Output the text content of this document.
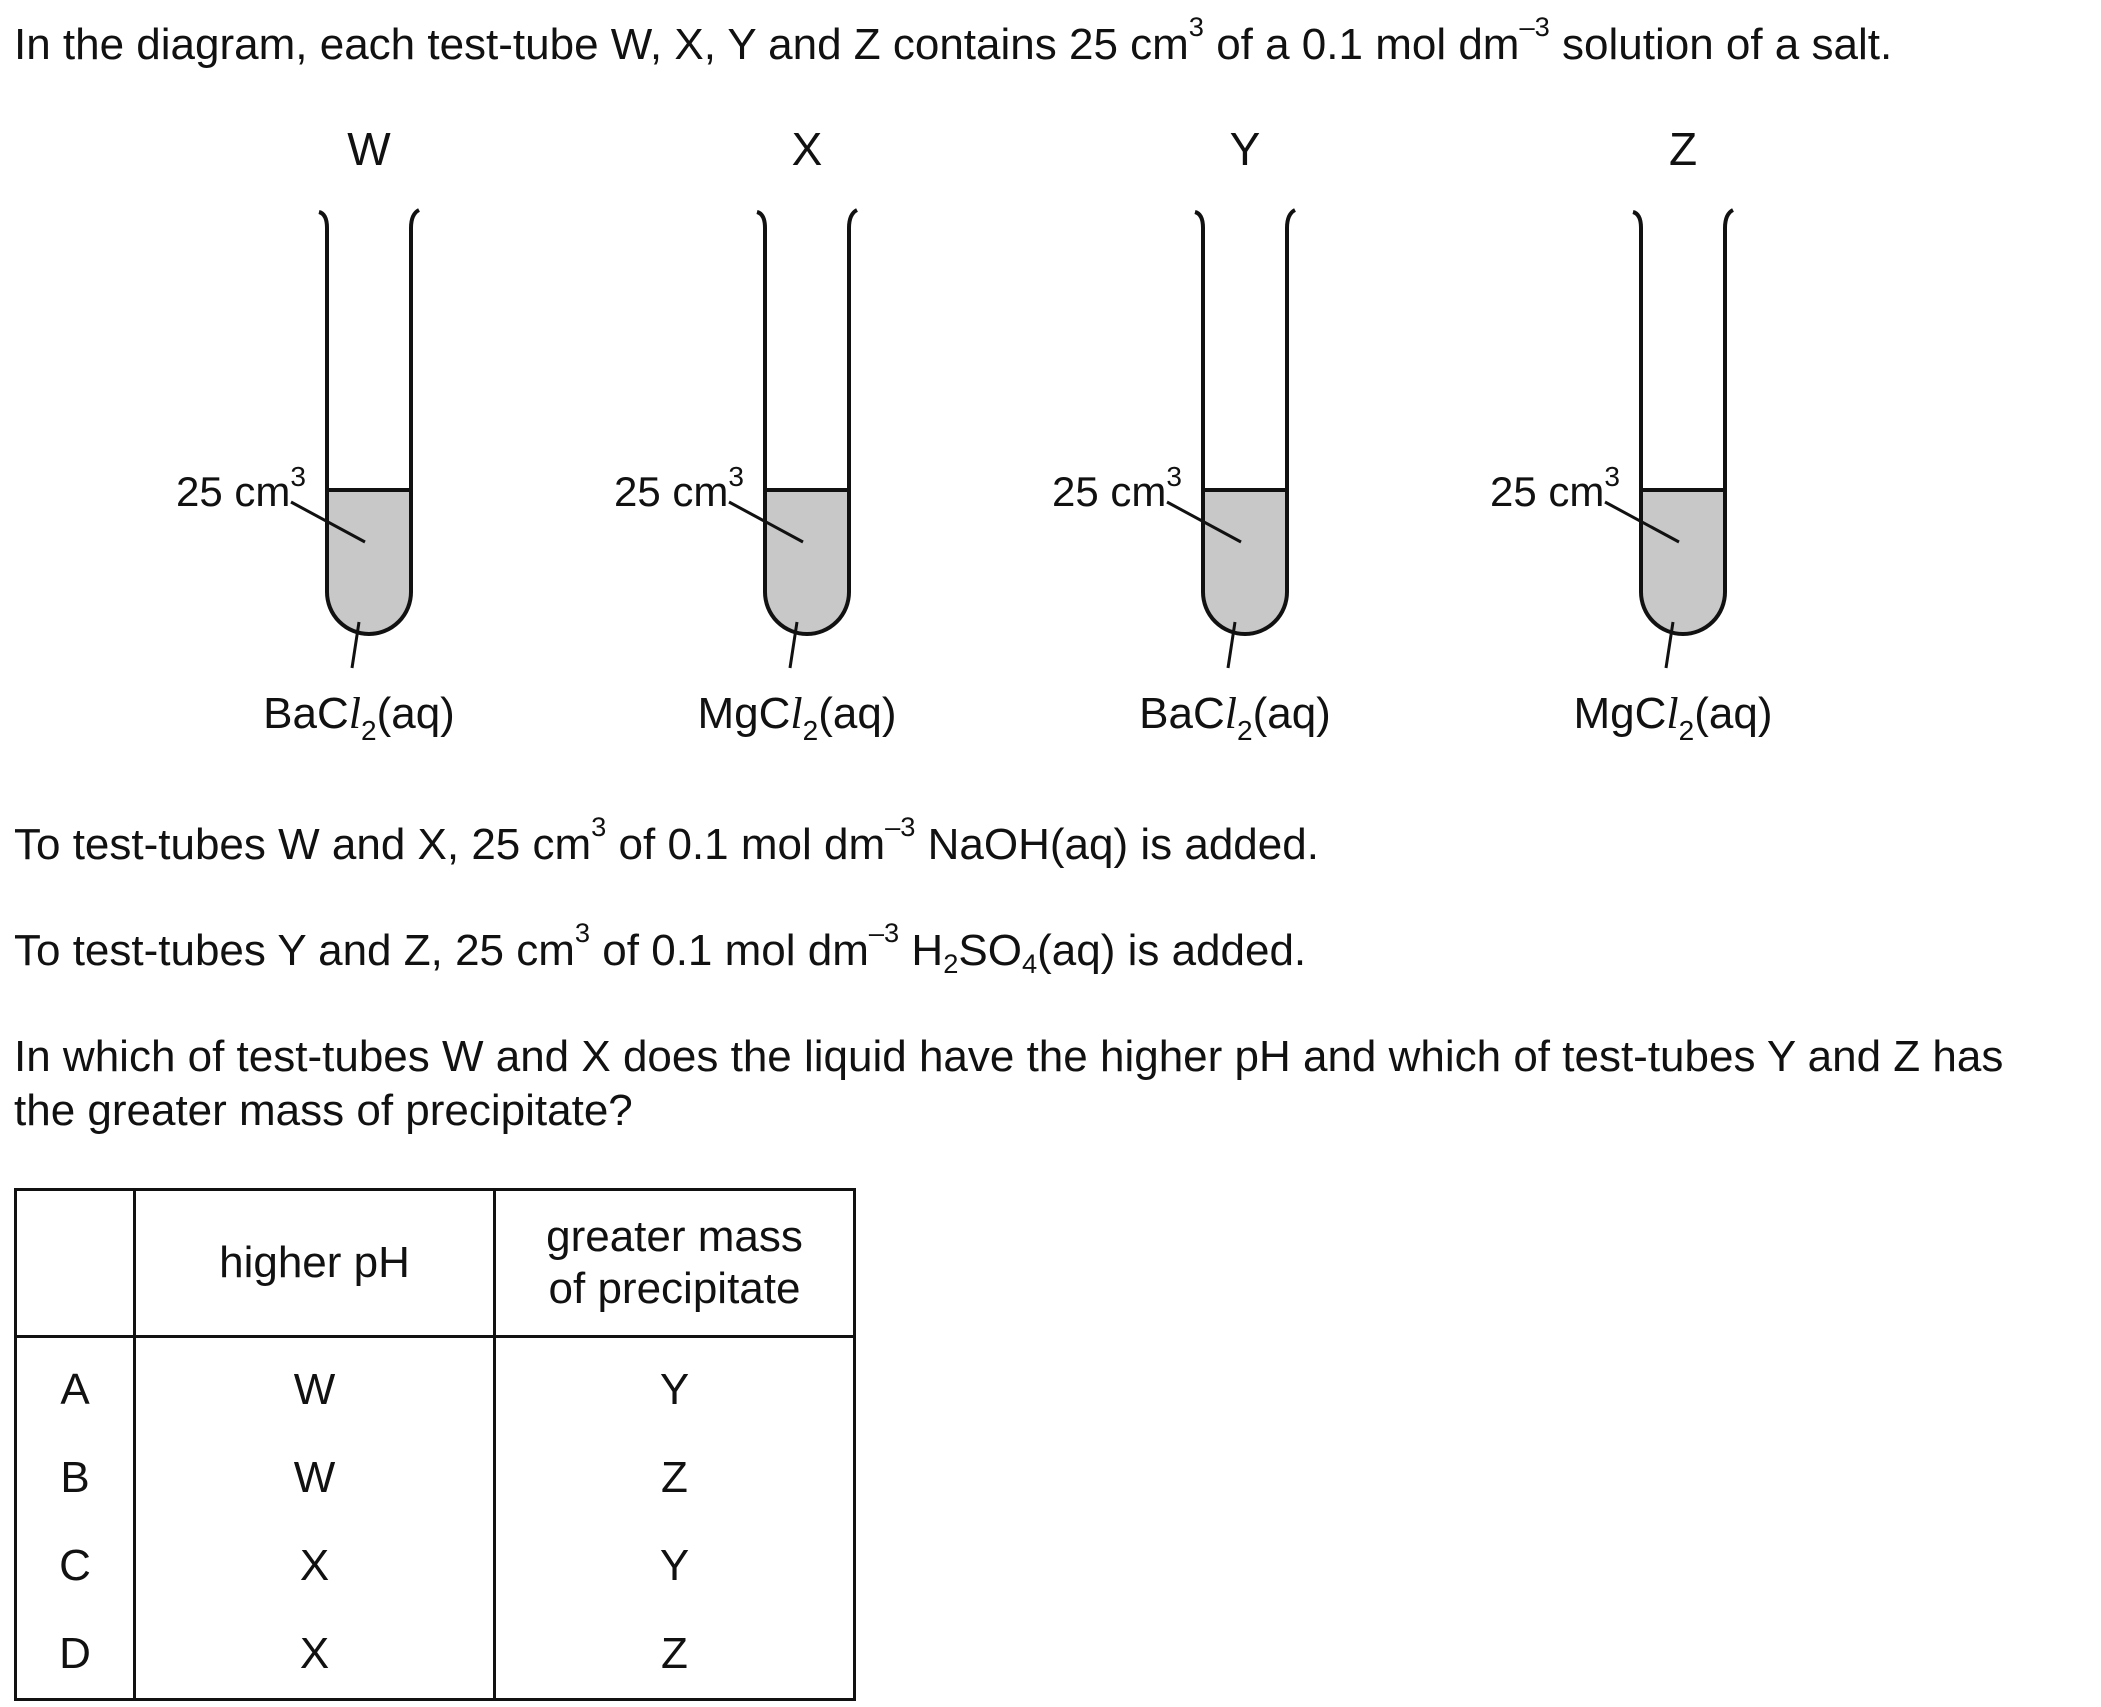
In the diagram, each test-tube W, X, Y and Z contains 25 $cm^3$ of a 0.1 mol $dm^{-3}$ solution of a salt.

W
25 $cm^3$
BaCl$_2$(aq)
X
25 $cm^3$
MgCl$_2$(aq)
Y
25 $cm^3$
BaCl$_2$(aq)
Z
25 $cm^3$
MgCl$_2$(aq)

To test-tubes W and X, 25 $cm^3$ of 0.1 mol $dm^{-3}$ NaOH(aq) is added.

To test-tubes Y and Z, 25 $cm^3$ of 0.1 mol $dm^{-3}$ $H_2SO_4(aq)$ is added.

In which of test-tubes W and X does the liquid have the higher pH and which of test-tubes Y and Z has the greater mass of precipitate?

	higher pH	greater mass
of precipitate
A	W	Y
B	W	Z
C	X	Y
D	X	Z
